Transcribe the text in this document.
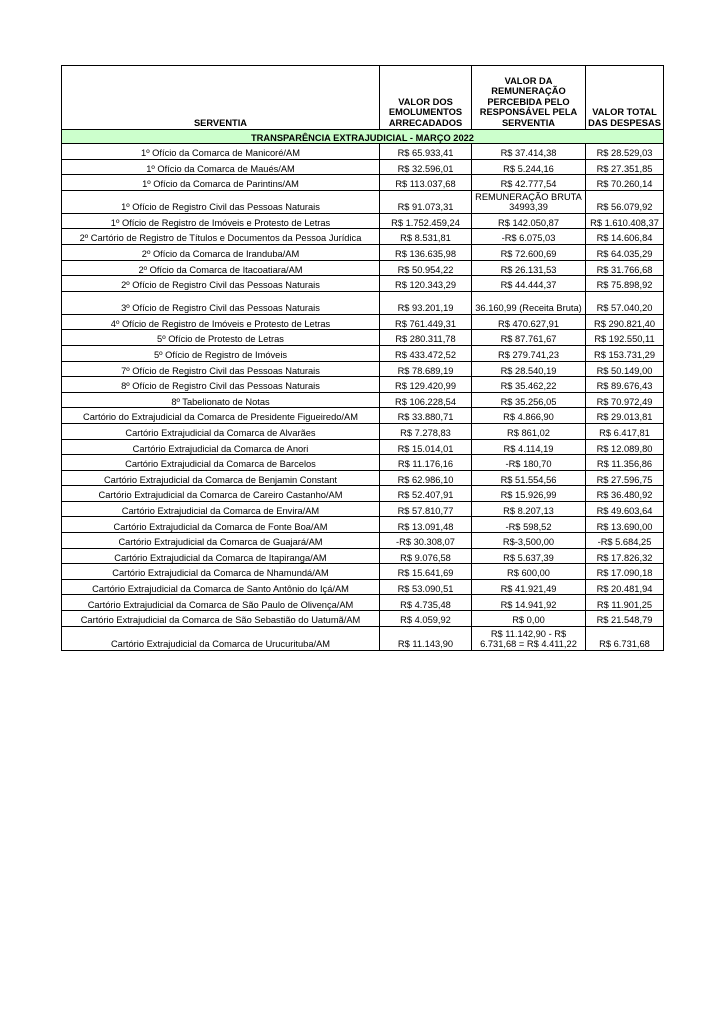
SERVENTIA	VALOR DOS EMOLUMENTOS ARRECADADOS	VALOR DA REMUNERAÇÃO PERCEBIDA PELO RESPONSÁVEL PELA SERVENTIA	VALOR TOTAL DAS DESPESAS
TRANSPARÊNCIA EXTRAJUDICIAL - MARÇO 2022			
1º Ofício da Comarca de Manicoré/AM	R$ 65.933,41	R$ 37.414,38	R$ 28.529,03
1º Ofício da Comarca de Maués/AM	R$ 32.596,01	R$ 5.244,16	R$ 27.351,85
1º Ofício da Comarca de Parintins/AM	R$ 113.037,68	R$ 42.777,54	R$ 70.260,14
1º Ofício de Registro Civil das Pessoas Naturais	R$ 91.073,31	REMUNERAÇÃO BRUTA 34993,39	R$ 56.079,92
1º Ofício de Registro de Imóveis e Protesto de Letras	R$ 1.752.459,24	R$ 142.050,87	R$ 1.610.408,37
2º Cartório de Registro de Títulos e Documentos da Pessoa Jurídica	R$ 8.531,81	-R$ 6.075,03	R$ 14.606,84
2º Ofício da Comarca de Iranduba/AM	R$ 136.635,98	R$ 72.600,69	R$ 64.035,29
2º Ofício da Comarca de Itacoatiara/AM	R$ 50.954,22	R$ 26.131,53	R$ 31.766,68
2º Ofício de Registro Civil das Pessoas Naturais	R$ 120.343,29	R$ 44.444,37	R$ 75.898,92
3º Ofício de Registro Civil das Pessoas Naturais	R$ 93.201,19	36.160,99 (Receita Bruta)	R$ 57.040,20
4º Ofício de Registro de Imóveis e Protesto de Letras	R$ 761.449,31	R$ 470.627,91	R$ 290.821,40
5º Ofício de Protesto de Letras	R$ 280.311,78	R$ 87.761,67	R$ 192.550,11
5º Ofício de Registro de Imóveis	R$ 433.472,52	R$ 279.741,23	R$ 153.731,29
7º Ofício de Registro Civil das Pessoas Naturais	R$ 78.689,19	R$ 28.540,19	R$ 50.149,00
8º Ofício de Registro Civil das Pessoas Naturais	R$ 129.420,99	R$ 35.462,22	R$ 89.676,43
8º Tabelionato de Notas	R$ 106.228,54	R$ 35.256,05	R$ 70.972,49
Cartório do Extrajudicial da Comarca de Presidente Figueiredo/AM	R$ 33.880,71	R$ 4.866,90	R$ 29.013,81
Cartório Extrajudicial da Comarca de Alvarães	R$ 7.278,83	R$ 861,02	R$ 6.417,81
Cartório Extrajudicial da Comarca de Anori	R$ 15.014,01	R$ 4.114,19	R$ 12.089,80
Cartório Extrajudicial da Comarca de Barcelos	R$ 11.176,16	-R$ 180,70	R$ 11.356,86
Cartório Extrajudicial da Comarca de Benjamin Constant	R$ 62.986,10	R$ 51.554,56	R$ 27.596,75
Cartório Extrajudicial da Comarca de Careiro Castanho/AM	R$ 52.407,91	R$ 15.926,99	R$ 36.480,92
Cartório Extrajudicial da Comarca de Envira/AM	R$ 57.810,77	R$ 8.207,13	R$ 49.603,64
Cartório Extrajudicial da Comarca de Fonte Boa/AM	R$ 13.091,48	-R$ 598,52	R$ 13.690,00
Cartório Extrajudicial da Comarca de Guajará/AM	-R$ 30.308,07	R$-3,500,00	-R$ 5.684,25
Cartório Extrajudicial da Comarca de Itapiranga/AM	R$ 9.076,58	R$ 5.637,39	R$ 17.826,32
Cartório Extrajudicial da Comarca de Nhamundá/AM	R$ 15.641,69	R$ 600,00	R$ 17.090,18
Cartório Extrajudicial da Comarca de Santo Antônio do Içá/AM	R$ 53.090,51	R$ 41.921,49	R$ 20.481,94
Cartório Extrajudicial da Comarca de São Paulo de Olivença/AM	R$ 4.735,48	R$ 14.941,92	R$ 11.901,25
Cartório Extrajudicial da Comarca de São Sebastião do Uatumã/AM	R$ 4.059,92	R$ 0,00	R$ 21.548,79
Cartório Extrajudicial da Comarca de Urucurituba/AM	R$ 11.143,90	R$ 11.142,90 - R$ 6.731,68 = R$ 4.411,22	R$ 6.731,68
